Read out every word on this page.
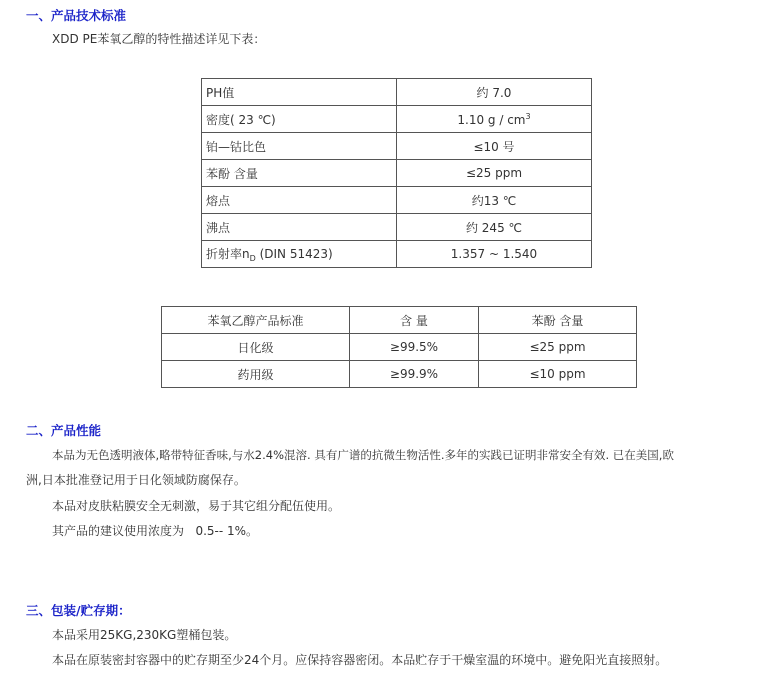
一、产品技术标准
XDD PE苯氧乙醇的特性描述详见下表：
PH值	约 7.0
密度( 23 ℃)	1.10 g / $cm^3$
铂—钴比色	≤10 号
苯酚 含量	≤25 ppm
熔点	约13 ℃
沸点	约 245 ℃
折射率$n_D$ (DIN 51423)	1.357 ~ 1.540
苯氧乙醇产品标准	含 量	苯酚 含量
日化级	≥99.5%	≤25 ppm
药用级	≥99.9%	≤10 ppm
二、产品性能
本品为无色透明液体,略带特征香味,与水2.4%混溶. 具有广谱的抗微生物活性.多年的实践已证明非常安全有效. 已在美国,欧
洲,日本批准登记用于日化领域防腐保存。
本品对皮肤粘膜安全无刺激，易于其它组分配伍使用。
其产品的建议使用浓度为   0.5-- 1%。
三、包装/贮存期：
本品采用25KG,230KG塑桶包装。
本品在原装密封容器中的贮存期至少24个月。应保持容器密闭。本品贮存于干燥室温的环境中。避免阳光直接照射。
